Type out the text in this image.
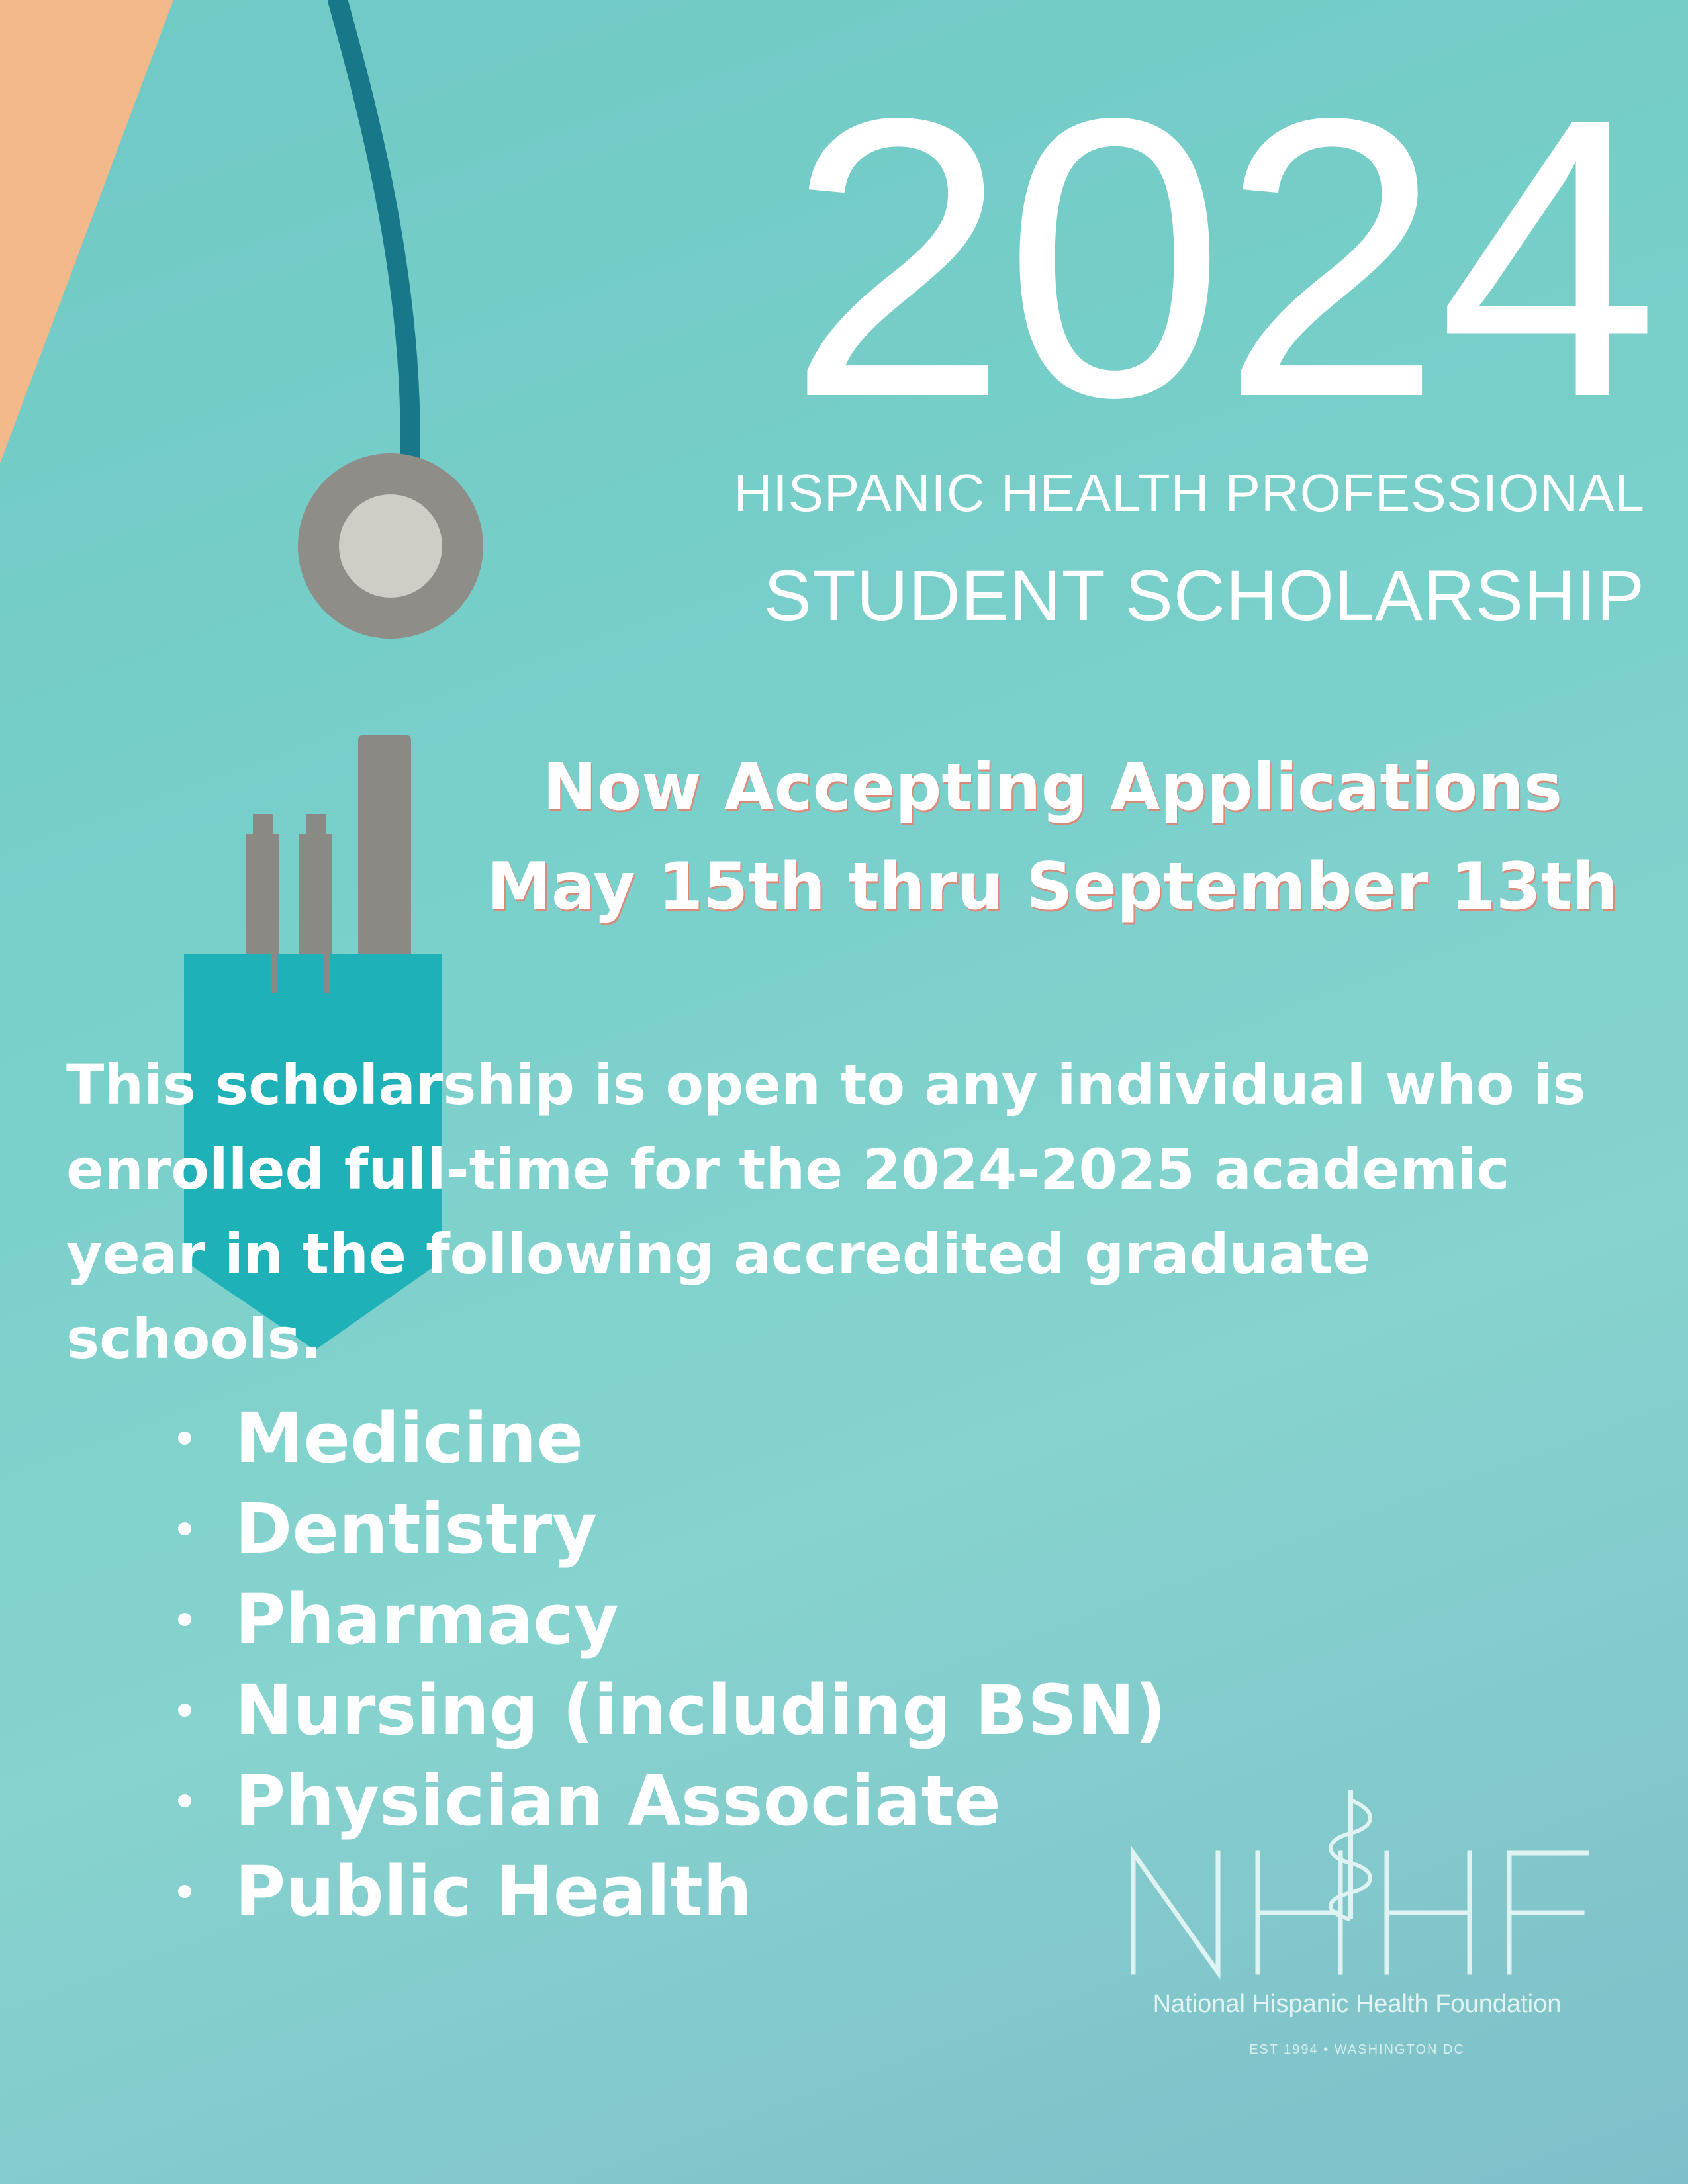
2024
HISPANIC HEALTH PROFESSIONAL
STUDENT SCHOLARSHIP
Now Accepting Applications
May 15th thru September 13th
This scholarship is open to any individual who is enrolled full-time for the 2024-2025 academic year in the following accredited graduate schools.
Medicine
Dentistry
Pharmacy
Nursing (including BSN)
Physician Associate
Public Health
National Hispanic Health Foundation
EST 1994 • WASHINGTON DC
